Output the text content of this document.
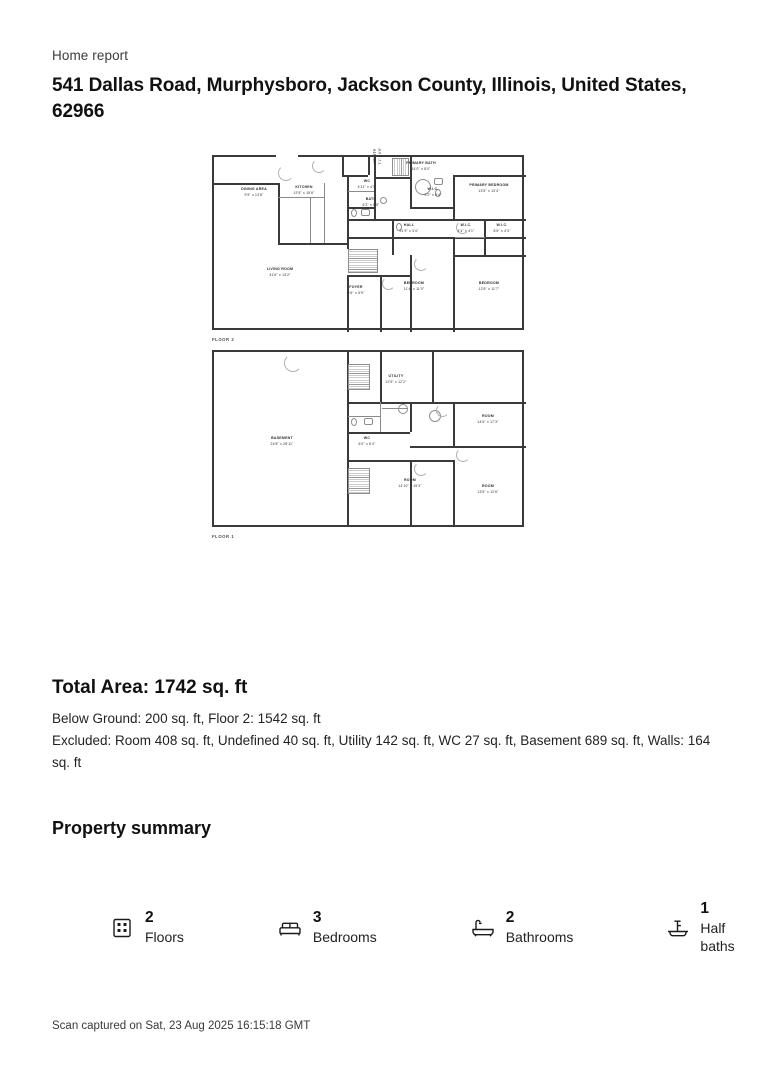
Home report
541 Dallas Road, Murphysboro, Jackson County, Illinois, United States, 62966
DINING AREA
9'9" x 13'8"
KITCHEN
12'9" x 15'6"
LIVING ROOM
31'6" x 13'2"
FOYER
6'6" x 5'9"
BEDROOM
11'4" x 11'0"
BEDROOM
12'8" x 11'7"
HALL
21'9" x 3'4"
BATH
6'2" x 5'5"
WC
4'11" x 4'7"
PRIMARY BATH
14'0" x 8'0"
W.I.C.
5'2" x 6'4"
PRIMARY BEDROOM
13'5" x 13'4"
W.I.C.
8'5" x 4'3"
W.I.C.
4'4" x 4'1"
UTILITY 7'1" x 6'6"
FLOOR 2
BASEMENT
24'8" x 28'11"
UTILITY
12'5" x 12'2"
WC
6'0" x 6'4"
ROOM
14'6" x 17'3"
ROOM
14'10" x 15'3"	ROOM
13'9" x 12'6"
FLOOR 1
Total Area: 1742 sq. ft
Below Ground: 200 sq. ft, Floor 2: 1542 sq. ft
Excluded: Room 408 sq. ft, Undefined 40 sq. ft, Utility 142 sq. ft, WC 27 sq. ft, Basement 689 sq. ft, Walls: 164 sq. ft
Property summary
2
Floors
3
Bedrooms
2
Bathrooms
1
Half baths
Scan captured on Sat, 23 Aug 2025 16:15:18 GMT
